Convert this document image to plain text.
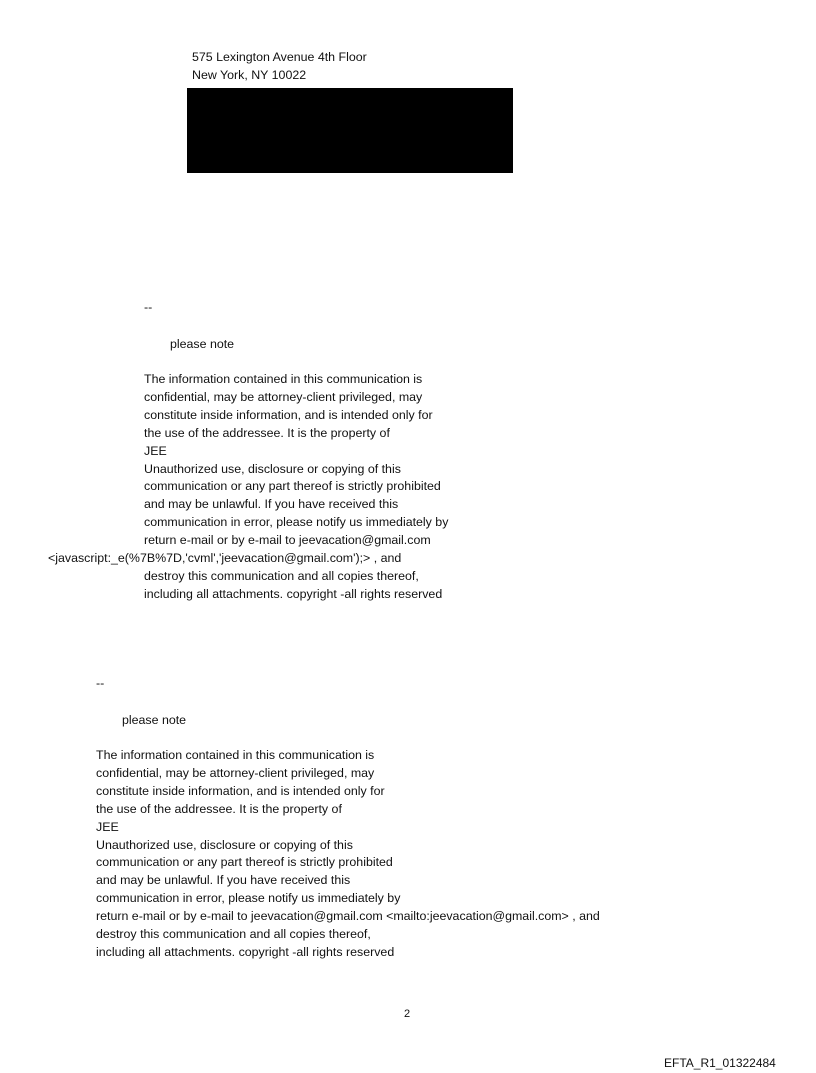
575 Lexington Avenue 4th Floor

New York, NY 10022

--

please note

The information contained in this communication is
confidential, may be attorney-client privileged, may
constitute inside information, and is intended only for
the use of the addressee. It is the property of
JEE
Unauthorized use, disclosure or copying of this
communication or any part thereof is strictly prohibited
and may be unlawful. If you have received this
communication in error, please notify us immediately by
return e-mail or by e-mail to jeevacation@gmail.com
<javascript:_e(%7B%7D,'cvml','jeevacation@gmail.com');> , and
destroy this communication and all copies thereof,
including all attachments. copyright -all rights reserved

--

please note

The information contained in this communication is
confidential, may be attorney-client privileged, may
constitute inside information, and is intended only for
the use of the addressee. It is the property of
JEE
Unauthorized use, disclosure or copying of this
communication or any part thereof is strictly prohibited
and may be unlawful. If you have received this
communication in error, please notify us immediately by
return e-mail or by e-mail to jeevacation@gmail.com <mailto:jeevacation@gmail.com> , and
destroy this communication and all copies thereof,
including all attachments. copyright -all rights reserved

2

EFTA_R1_01322484
